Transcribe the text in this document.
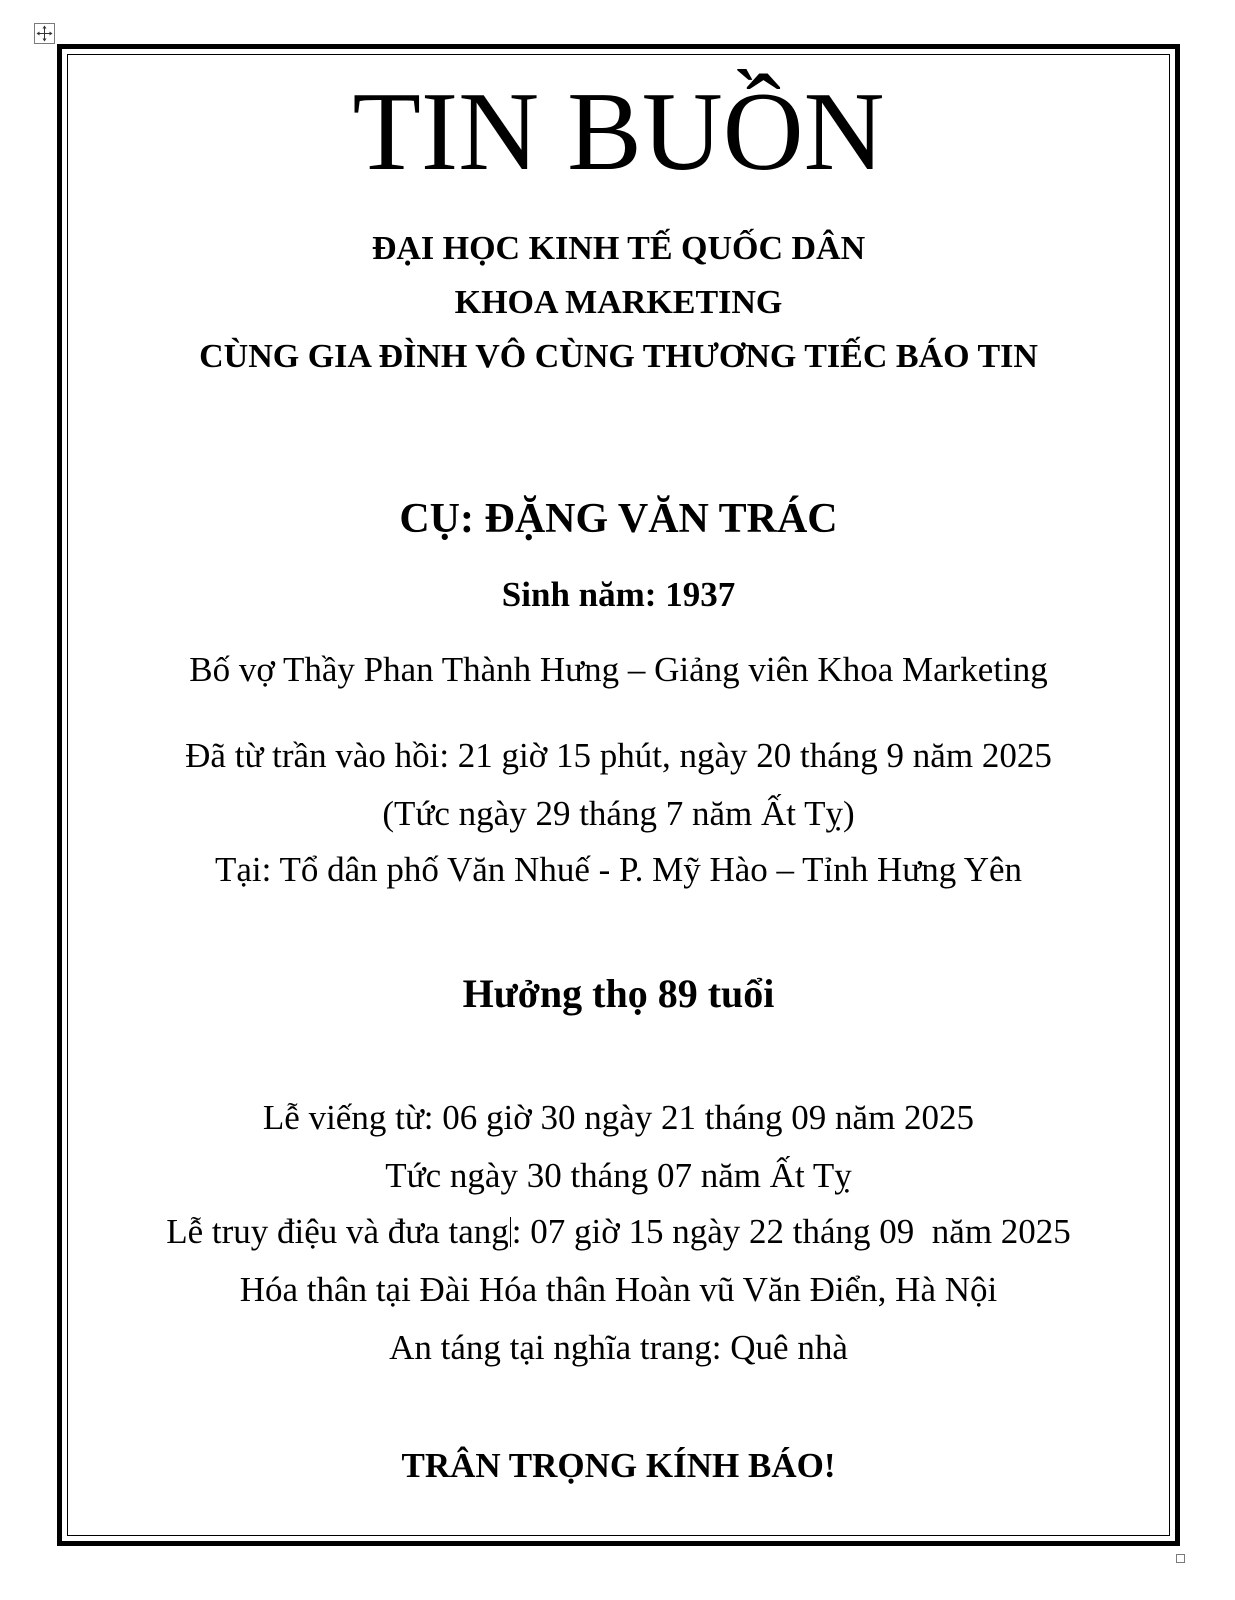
TIN BUỒN
ĐẠI HỌC KINH TẾ QUỐC DÂN
KHOA MARKETING
CÙNG GIA ĐÌNH VÔ CÙNG THƯƠNG TIẾC BÁO TIN
CỤ: ĐẶNG VĂN TRÁC
Sinh năm: 1937
Bố vợ Thầy Phan Thành Hưng – Giảng viên Khoa Marketing
Đã từ trần vào hồi: 21 giờ 15 phút, ngày 20 tháng 9 năm 2025
(Tức ngày 29 tháng 7 năm Ất Tỵ)
Tại: Tổ dân phố Văn Nhuế - P. Mỹ Hào – Tỉnh Hưng Yên
Hưởng thọ 89 tuổi
Lễ viếng từ: 06 giờ 30 ngày 21 tháng 09 năm 2025
Tức ngày 30 tháng 07 năm Ất Tỵ
Lễ truy điệu và đưa tang: 07 giờ 15 ngày 22 tháng 09  năm 2025
Hóa thân tại Đài Hóa thân Hoàn vũ Văn Điển, Hà Nội
An táng tại nghĩa trang: Quê nhà
TRÂN TRỌNG KÍNH BÁO!
